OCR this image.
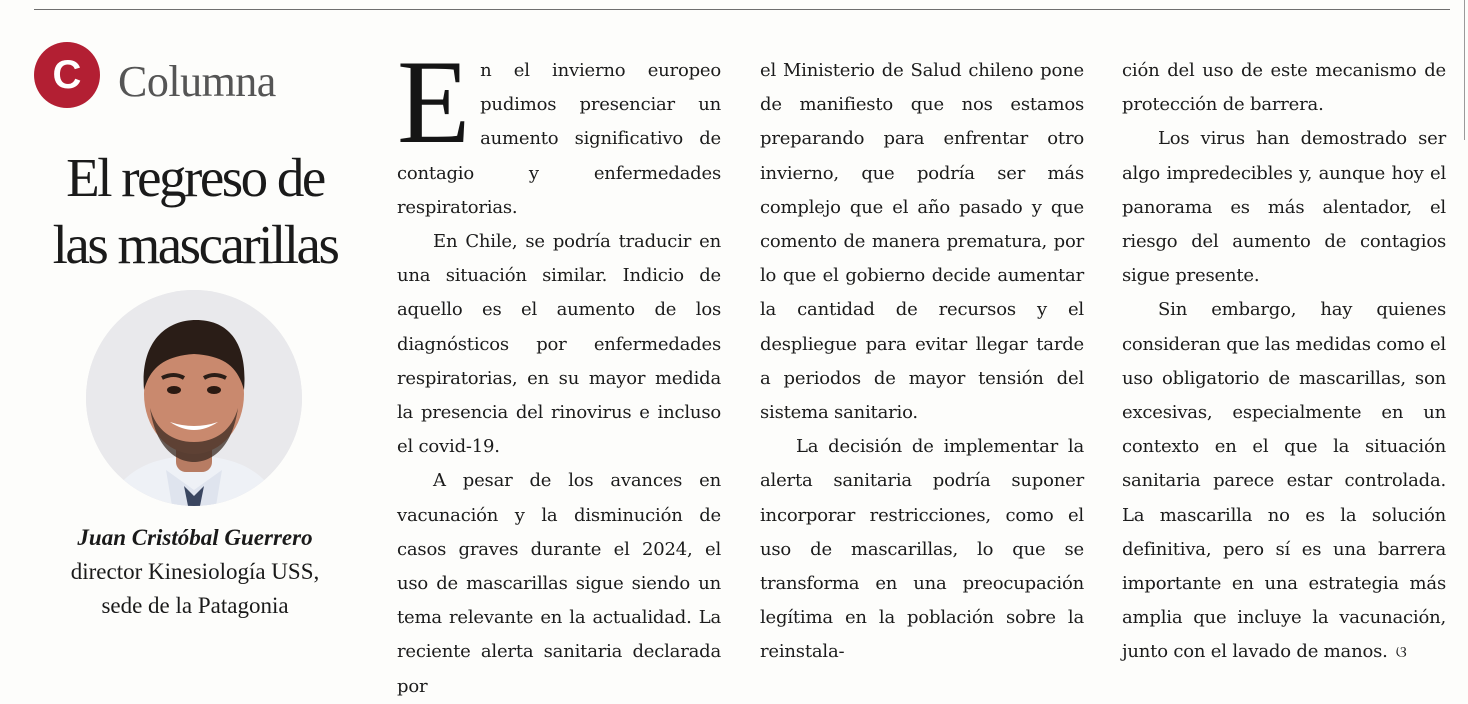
C Columna
El regreso de
las mascarillas
Juan Cristóbal Guerrero
director Kinesiología USS,
sede de la Patagonia

En el invierno europeo pudimos presenciar un aumento significativo de contagio y enfermedades respiratorias.

En Chile, se podría traducir en una situación similar. Indicio de aquello es el aumento de los diagnósticos por enfermedades respiratorias, en su mayor medida la presencia del rinovirus e incluso el covid-19.

A pesar de los avances en vacunación y la disminución de casos graves durante el 2024, el uso de mascarillas sigue siendo un tema relevante en la actualidad. La reciente alerta sanitaria declarada por

el Ministerio de Salud chileno pone de manifiesto que nos estamos preparando para enfrentar otro invierno, que podría ser más complejo que el año pasado y que comento de manera prematura, por lo que el gobierno decide aumentar la cantidad de recursos y el despliegue para evitar llegar tarde a periodos de mayor tensión del sistema sanitario.

La decisión de implementar la alerta sanitaria podría suponer incorporar restricciones, como el uso de mascarillas, lo que se transforma en una preocupación legítima en la población sobre la reinstala-

ción del uso de este mecanismo de protección de barrera.

Los virus han demostrado ser algo impredecibles y, aunque hoy el panorama es más alentador, el riesgo del aumento de contagios sigue presente.

Sin embargo, hay quienes consideran que las medidas como el uso obligatorio de mascarillas, son excesivas, especialmente en un contexto en el que la situación sanitaria parece estar controlada. La mascarilla no es la solución definitiva, pero sí es una barrera importante en una estrategia más amplia que incluye la vacunación, junto con el lavado de manos. ଓ
